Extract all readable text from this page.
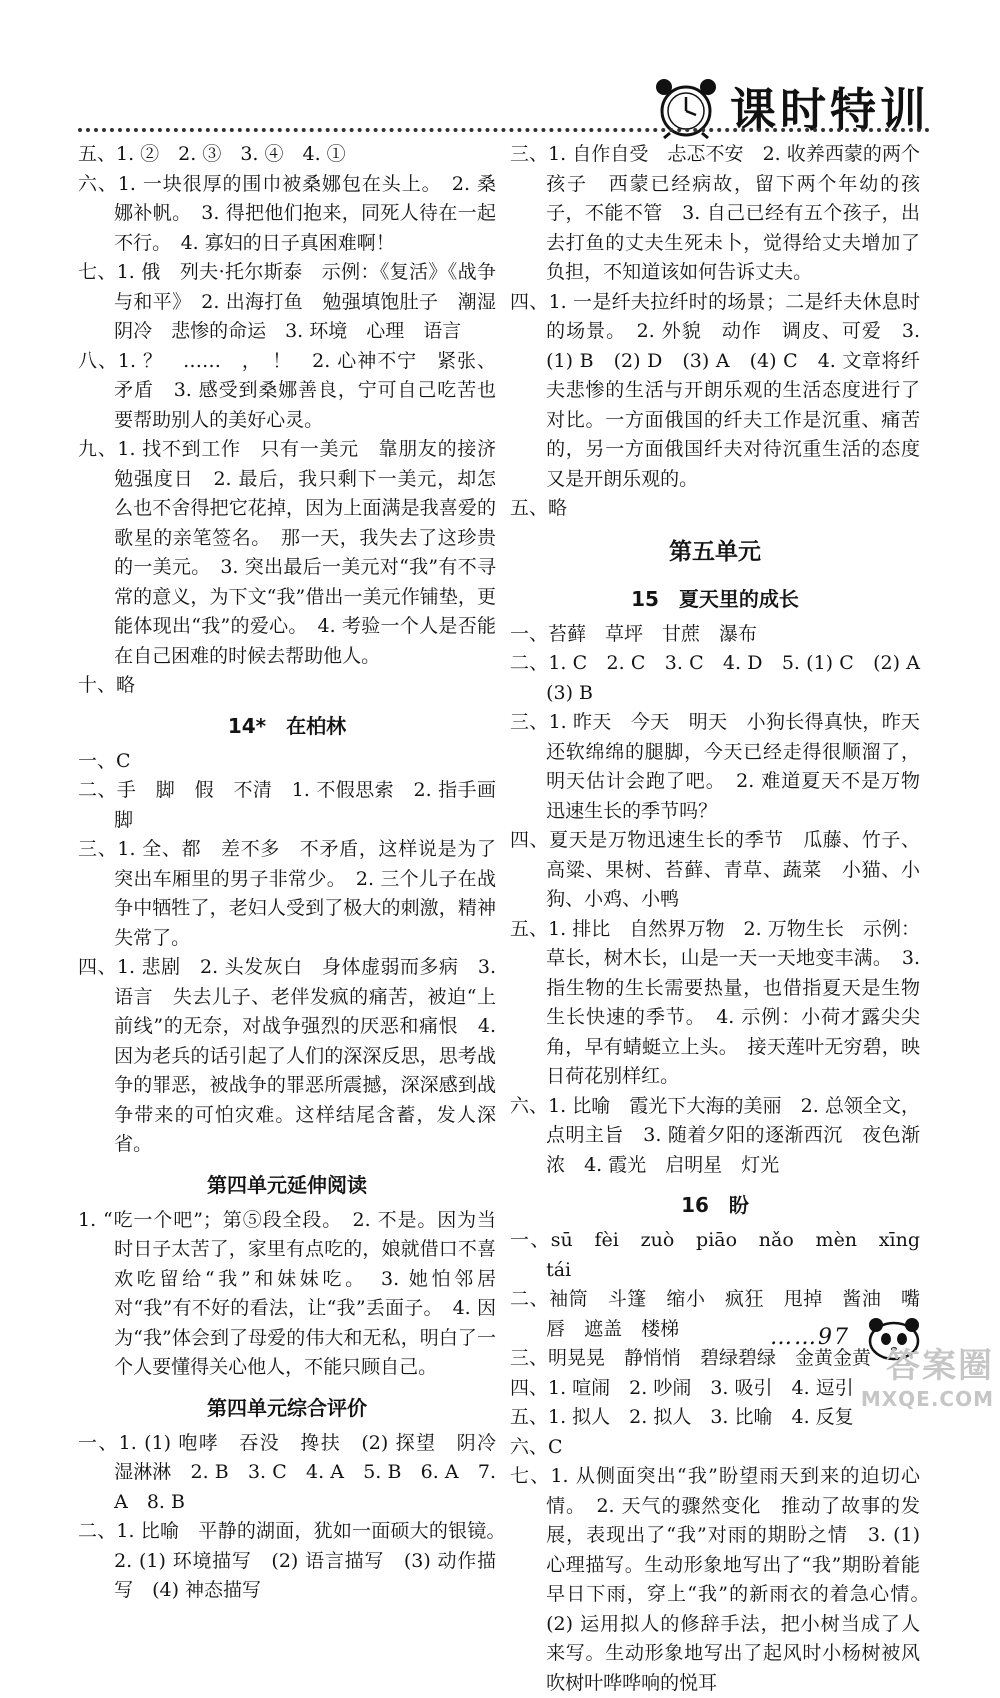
课时特训

五、1. ②　2. ③　3. ④　4. ①

六、1. 一块很厚的围巾被桑娜包在头上。　2. 桑娜补帆。　3. 得把他们抱来，同死人待在一起不行。　4. 寡妇的日子真困难啊！

七、1. 俄　列夫·托尔斯泰　示例：《复活》《战争与和平》　2. 出海打鱼　勉强填饱肚子　潮湿阴冷　悲惨的命运　3. 环境　心理　语言

八、1. ？　……　，　！　2. 心神不宁　紧张、矛盾　3. 感受到桑娜善良，宁可自己吃苦也要帮助别人的美好心灵。

九、1. 找不到工作　只有一美元　靠朋友的接济勉强度日　2. 最后，我只剩下一美元，却怎么也不舍得把它花掉，因为上面满是我喜爱的歌星的亲笔签名。　那一天，我失去了这珍贵的一美元。　3. 突出最后一美元对“我”有不寻常的意义，为下文“我”借出一美元作铺垫，更能体现出“我”的爱心。　4. 考验一个人是否能在自己困难的时候去帮助他人。

十、略

14*　在柏林

一、C

二、手　脚　假　不清　1. 不假思索　2. 指手画脚

三、1. 全、都　差不多　不矛盾，这样说是为了突出车厢里的男子非常少。　2. 三个儿子在战争中牺牲了，老妇人受到了极大的刺激，精神失常了。

四、1. 悲剧　2. 头发灰白　身体虚弱而多病　3. 语言　失去儿子、老伴发疯的痛苦，被迫“上前线”的无奈，对战争强烈的厌恶和痛恨　4. 因为老兵的话引起了人们的深深反思，思考战争的罪恶，被战争的罪恶所震撼，深深感到战争带来的可怕灾难。这样结尾含蓄，发人深省。

第四单元延伸阅读

1. “吃一个吧”；第⑤段全段。　2. 不是。因为当时日子太苦了，家里有点吃的，娘就借口不喜欢吃留给“我”和妹妹吃。　3. 她怕邻居对“我”有不好的看法，让“我”丢面子。　4. 因为“我”体会到了母爱的伟大和无私，明白了一个人要懂得关心他人，不能只顾自己。

第四单元综合评价

一、1. (1) 咆哮　吞没　搀扶　(2) 探望　阴冷　湿淋淋　2. B　3. C　4. A　5. B　6. A　7. A　8. B

二、1. 比喻　平静的湖面，犹如一面硕大的银镜。　2. (1) 环境描写　(2) 语言描写　(3) 动作描写　(4) 神态描写

三、1. 自作自受　忐忑不安　2. 收养西蒙的两个孩子　西蒙已经病故，留下两个年幼的孩子，不能不管　3. 自己已经有五个孩子，出去打鱼的丈夫生死未卜，觉得给丈夫增加了负担，不知道该如何告诉丈夫。

四、1. 一是纤夫拉纤时的场景；二是纤夫休息时的场景。　2. 外貌　动作　调皮、可爱　3. (1) B　(2) D　(3) A　(4) C　4. 文章将纤夫悲惨的生活与开朗乐观的生活态度进行了对比。一方面俄国的纤夫工作是沉重、痛苦的，另一方面俄国纤夫对待沉重生活的态度又是开朗乐观的。

五、略

第五单元
15　夏天里的成长

一、苔藓　草坪　甘蔗　瀑布

二、1. C　2. C　3. C　4. D　5. (1) C　(2) A　(3) B

三、1. 昨天　今天　明天　小狗长得真快，昨天还软绵绵的腿脚，今天已经走得很顺溜了，明天估计会跑了吧。　2. 难道夏天不是万物迅速生长的季节吗？

四、夏天是万物迅速生长的季节　瓜藤、竹子、高粱、果树、苔藓、青草、蔬菜　小猫、小狗、小鸡、小鸭

五、1. 排比　自然界万物　2. 万物生长　示例：草长，树木长，山是一天一天地变丰满。　3. 指生物的生长需要热量，也借指夏天是生物生长快速的季节。　4. 示例：小荷才露尖尖角，早有蜻蜓立上头。　接天莲叶无穷碧，映日荷花别样红。

六、1. 比喻　霞光下大海的美丽　2. 总领全文，点明主旨　3. 随着夕阳的逐渐西沉　夜色渐浓　4. 霞光　启明星　灯光

16　盼

一、sū　fèi　zuò　piāo　nǎo　mèn　xīng　tái

二、袖筒　斗篷　缩小　疯狂　甩掉　酱油　嘴唇　遮盖　楼梯

三、明晃晃　静悄悄　碧绿碧绿　金黄金黄

四、1. 喧闹　2. 吵闹　3. 吸引　4. 逗引

五、1. 拟人　2. 拟人　3. 比喻　4. 反复

六、C

七、1. 从侧面突出“我”盼望雨天到来的迫切心情。　2. 天气的骤然变化　推动了故事的发展，表现出了“我”对雨的期盼之情　3. (1) 心理描写。生动形象地写出了“我”期盼着能早日下雨，穿上“我”的新雨衣的着急心情。　(2) 运用拟人的修辞手法，把小树当成了人来写。生动形象地写出了起风时小杨树被风吹树叶哗哗响的悦耳

……97
答案圈
MXQE.COM
